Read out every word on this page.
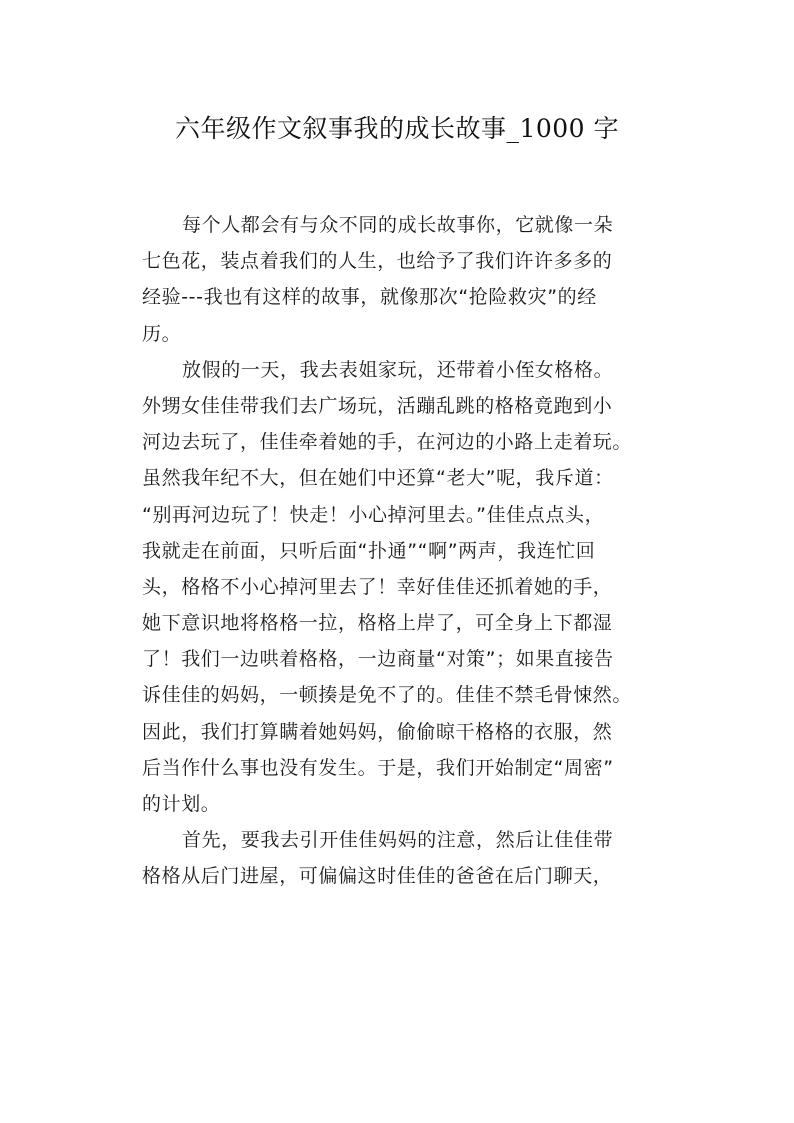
六年级作文叙事我的成长故事_1000 字

每个人都会有与众不同的成长故事你，它就像一朵
七色花，装点着我们的人生，也给予了我们许许多多的
经验---我也有这样的故事，就像那次“抢险救灾”的经
历。

放假的一天，我去表姐家玩，还带着小侄女格格。
外甥女佳佳带我们去广场玩，活蹦乱跳的格格竟跑到小
河边去玩了，佳佳牵着她的手，在河边的小路上走着玩。
虽然我年纪不大，但在她们中还算“老大”呢，我斥道：
“别再河边玩了！快走！小心掉河里去。”佳佳点点头，
我就走在前面，只听后面“扑通”“啊”两声，我连忙回
头，格格不小心掉河里去了！幸好佳佳还抓着她的手，
她下意识地将格格一拉，格格上岸了，可全身上下都湿
了！我们一边哄着格格，一边商量“对策”；如果直接告
诉佳佳的妈妈，一顿揍是免不了的。佳佳不禁毛骨悚然。
因此，我们打算瞒着她妈妈，偷偷晾干格格的衣服，然
后当作什么事也没有发生。于是，我们开始制定“周密”
的计划。

首先，要我去引开佳佳妈妈的注意，然后让佳佳带
格格从后门进屋，可偏偏这时佳佳的爸爸在后门聊天，
